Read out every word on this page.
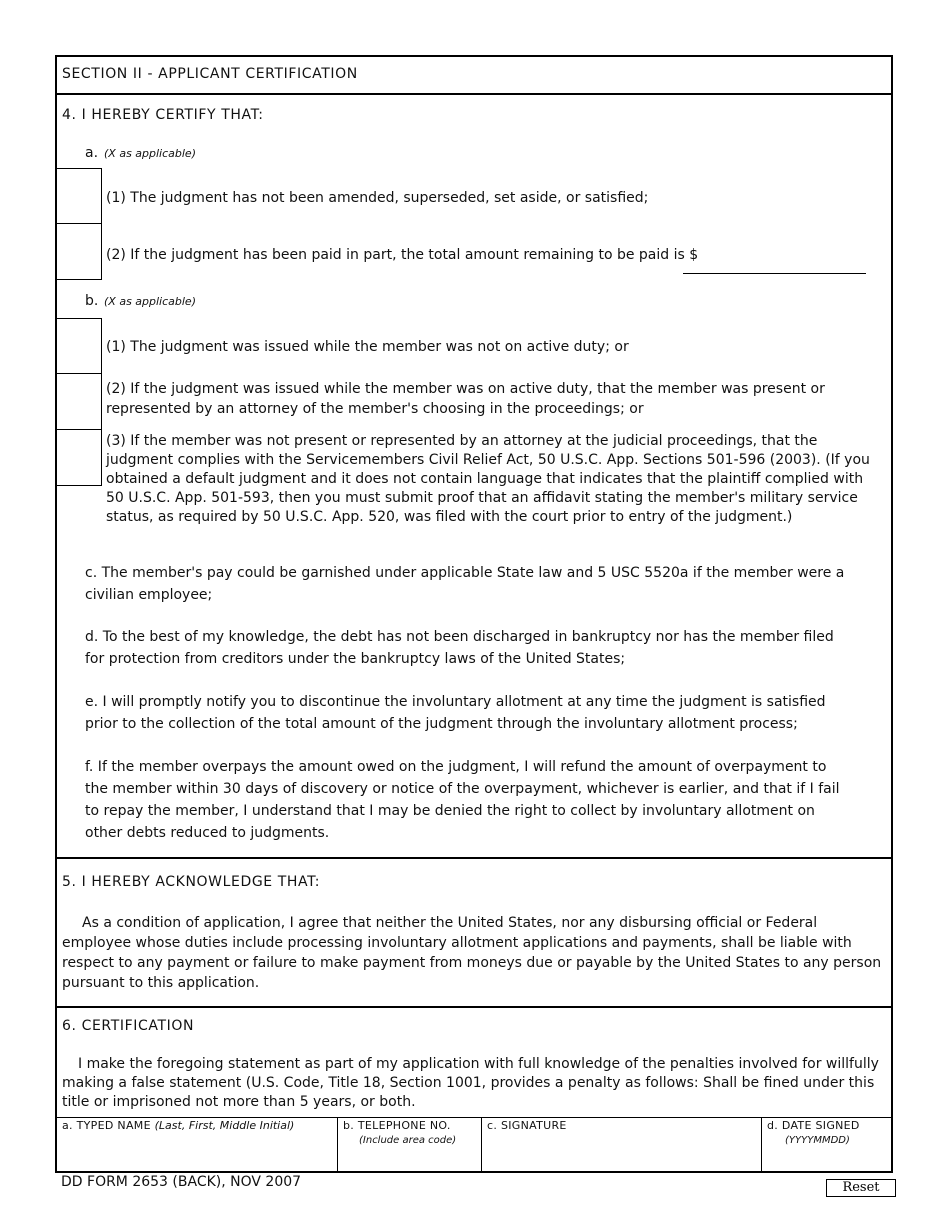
SECTION II - APPLICANT CERTIFICATION
4. I HEREBY CERTIFY THAT:
a. (X as applicable)
(1) The judgment has not been amended, superseded, set aside, or satisfied;
(2) If the judgment has been paid in part, the total amount remaining to be paid is $
b. (X as applicable)
(1) The judgment was issued while the member was not on active duty; or
(2) If the judgment was issued while the member was on active duty, that the member was present or represented by an attorney of the member's choosing in the proceedings; or
(3) If the member was not present or represented by an attorney at the judicial proceedings, that the judgment complies with the Servicemembers Civil Relief Act, 50 U.S.C. App. Sections 501-596 (2003). (If you obtained a default judgment and it does not contain language that indicates that the plaintiff complied with 50 U.S.C. App. 501-593, then you must submit proof that an affidavit stating the member's military service status, as required by 50 U.S.C. App. 520, was filed with the court prior to entry of the judgment.)
c. The member's pay could be garnished under applicable State law and 5 USC 5520a if the member were a civilian employee;
d. To the best of my knowledge, the debt has not been discharged in bankruptcy nor has the member filed for protection from creditors under the bankruptcy laws of the United States;
e. I will promptly notify you to discontinue the involuntary allotment at any time the judgment is satisfied prior to the collection of the total amount of the judgment through the involuntary allotment process;
f. If the member overpays the amount owed on the judgment, I will refund the amount of overpayment to the member within 30 days of discovery or notice of the overpayment, whichever is earlier, and that if I fail to repay the member, I understand that I may be denied the right to collect by involuntary allotment on other debts reduced to judgments.
5. I HEREBY ACKNOWLEDGE THAT:
As a condition of application, I agree that neither the United States, nor any disbursing official or Federal employee whose duties include processing involuntary allotment applications and payments, shall be liable with respect to any payment or failure to make payment from moneys due or payable by the United States to any person pursuant to this application.
6. CERTIFICATION
I make the foregoing statement as part of my application with full knowledge of the penalties involved for willfully making a false statement (U.S. Code, Title 18, Section 1001, provides a penalty as follows: Shall be fined under this title or imprisoned not more than 5 years, or both.
a. TYPED NAME (Last, First, Middle Initial)	b. TELEPHONE NO.
(Include area code)
c. SIGNATURE	d. DATE SIGNED
(YYYYMMDD)
DD FORM 2653 (BACK), NOV 2007	Reset
